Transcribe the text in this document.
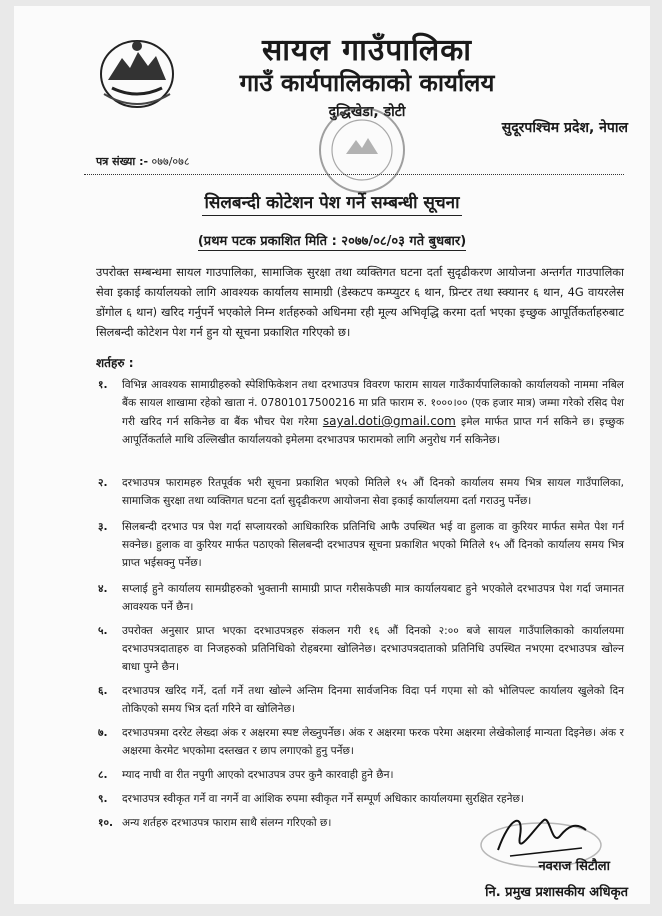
सायल गाउँपालिका
गाउँ कार्यपालिकाको कार्यालय
दुद्धिखेडा, डोटी
सुदूरपश्चिम प्रदेश, नेपाल
पत्र संख्या :- ०७७/०७८
सिलबन्दी कोटेशन पेश गर्ने सम्बन्धी सूचना
(प्रथम पटक प्रकाशित मिति : २०७७/०८/०३ गते बुधबार)
उपरोक्त सम्बन्धमा सायल गाउपालिका, सामाजिक सुरक्षा तथा व्यक्तिगत घटना दर्ता सुदृढीकरण आयोजना अन्तर्गत गाउपालिका सेवा इकाई कार्यालयको लागि आवश्यक कार्यालय सामाग्री (डेस्कटप कम्प्युटर ६ थान, प्रिन्टर तथा स्क्यानर ६ थान, 4G वायरलेस डोंगोल ६ थान) खरिद गर्नुपर्ने भएकोले निम्न शर्तहरुको अधिनमा रही मूल्य अभिवृद्धि करमा दर्ता भएका इच्छुक आपूर्तिकर्ताहरुबाट सिलबन्दी कोटेशन पेश गर्न हुन यो सूचना प्रकाशित गरिएको छ।
शर्तहरु :
१.	विभिन्न आवश्यक सामाग्रीहरुको स्पेशिफिकेशन तथा दरभाउपत्र विवरण फाराम सायल गाउँकार्यपालिकाको कार्यालयको नाममा नबिल बैंक सायल शाखामा रहेको खाता नं. 07801017500216 मा प्रति फाराम रु. १०००।०० (एक हजार मात्र) जम्मा गरेको रसिद पेश गरी खरिद गर्न सकिनेछ वा बैंक भौचर पेश गरेमा sayal.doti@gmail.com इमेल मार्फत प्राप्त गर्न सकिने छ। इच्छुक आपूर्तिकर्ताले माथि उल्लिखीत कार्यालयको इमेलमा दरभाउपत्र फारामको लागि अनुरोध गर्न सकिनेछ।
२.	दरभाउपत्र फारामहरु रितपूर्वक भरी सूचना प्रकाशित भएको मितिले १५ औं दिनको कार्यालय समय भित्र सायल गाउँपालिका, सामाजिक सुरक्षा तथा व्यक्तिगत घटना दर्ता सुदृढीकरण आयोजना सेवा इकाई कार्यालयमा दर्ता गराउनु पर्नेछ।
३.	सिलबन्दी दरभाउ पत्र पेश गर्दा सप्लायरको आधिकारिक प्रतिनिधि आफै उपस्थित भई वा हुलाक वा कुरियर मार्फत समेत पेश गर्न सक्नेछ। हुलाक वा कुरियर मार्फत पठाएको सिलबन्दी दरभाउपत्र सूचना प्रकाशित भएको मितिले १५ औं दिनको कार्यालय समय भित्र प्राप्त भईसक्नु पर्नेछ।
४.	सप्लाई हुने कार्यालय सामग्रीहरुको भुक्तानी सामाग्री प्राप्त गरीसकेपछी मात्र कार्यालयबाट हुने भएकोले दरभाउपत्र पेश गर्दा जमानत आवश्यक पर्ने छैन।
५.	उपरोक्त अनुसार प्राप्त भएका दरभाउपत्रहरु संकलन गरी १६ औं दिनको २:०० बजे सायल गाउँपालिकाको कार्यालयमा दरभाउपत्रदाताहरु वा निजहरुको प्रतिनिधिको रोहबरमा खोलिनेछ। दरभाउपत्रदाताको प्रतिनिधि उपस्थित नभएमा दरभाउपत्र खोल्न बाधा पुग्ने छैन।
६.	दरभाउपत्र खरिद गर्ने, दर्ता गर्ने तथा खोल्ने अन्तिम दिनमा सार्वजनिक विदा पर्न गएमा सो को भोलिपल्ट कार्यालय खुलेको दिन तोकिएको समय भित्र दर्ता गरिने वा खोलिनेछ।
७.	दरभाउपत्रमा दररेट लेख्दा अंक र अक्षरमा स्पष्ट लेख्नुपर्नेछ। अंक र अक्षरमा फरक परेमा अक्षरमा लेखेकोलाई मान्यता दिइनेछ। अंक र अक्षरमा केरमेट भएकोमा दस्तखत र छाप लगाएको हुनु पर्नेछ।
८.	म्याद नाघी वा रीत नपुगी आएको दरभाउपत्र उपर कुनै कारवाही हुने छैन।
९.	दरभाउपत्र स्वीकृत गर्ने वा नगर्ने वा आंशिक रुपमा स्वीकृत गर्ने सम्पूर्ण अधिकार कार्यालयमा सुरक्षित रहनेछ।
१०. अन्य शर्तहरु दरभाउपत्र फाराम साथै संलग्न गरिएको छ।
नवराज सिटौला
नि. प्रमुख प्रशासकीय अधिकृत
